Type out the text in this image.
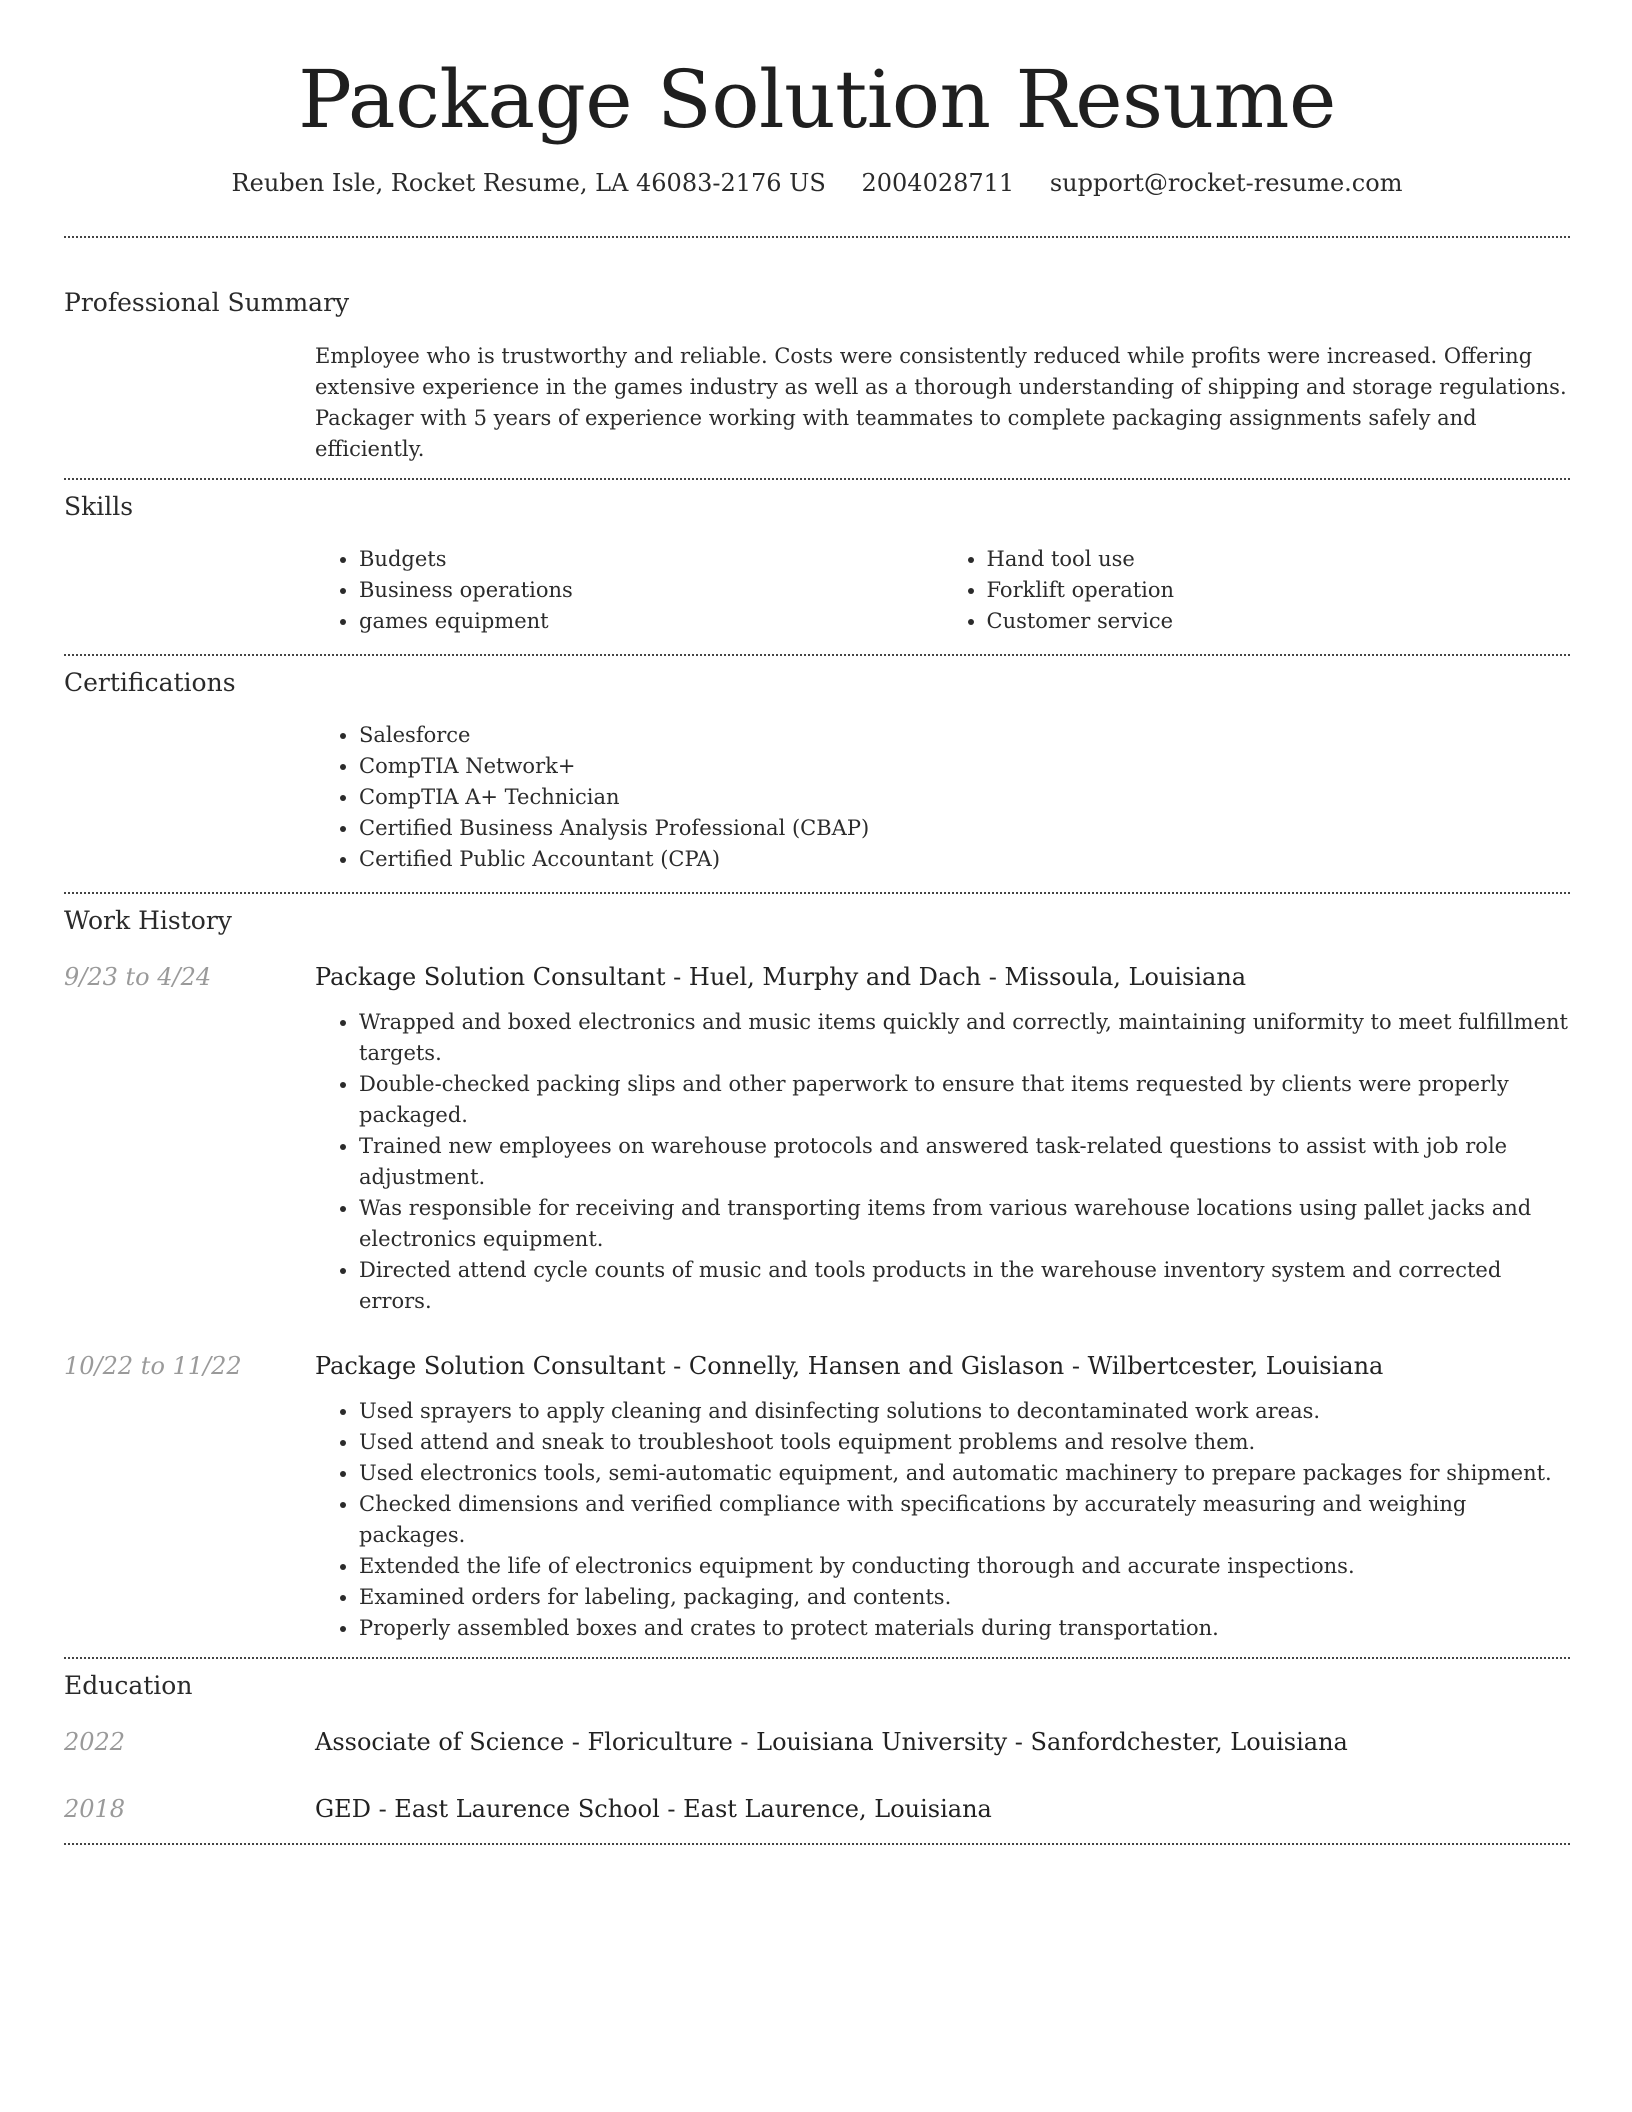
Package Solution Resume
Reuben Isle, Rocket Resume, LA 46083-2176 US 2004028711 support@rocket-resume.com
Professional Summary

Employee who is trustworthy and reliable. Costs were consistently reduced while profits were increased. Offering extensive experience in the games industry as well as a thorough understanding of shipping and storage regulations. Packager with 5 years of experience working with teammates to complete packaging assignments safely and efficiently.

Skills
• Budgets
• Business operations
• games equipment
• Hand tool use
• Forklift operation
• Customer service
Certifications
• Salesforce
• CompTIA Network+
• CompTIA A+ Technician
• Certified Business Analysis Professional (CBAP)
• Certified Public Accountant (CPA)
Work History
9/23 to 4/24	Package Solution Consultant - Huel, Murphy and Dach - Missoula, Louisiana

• Wrapped and boxed electronics and music items quickly and correctly, maintaining uniformity to meet fulfillment targets.
• Double-checked packing slips and other paperwork to ensure that items requested by clients were properly packaged.
• Trained new employees on warehouse protocols and answered task-related questions to assist with job role adjustment.
• Was responsible for receiving and transporting items from various warehouse locations using pallet jacks and electronics equipment.
• Directed attend cycle counts of music and tools products in the warehouse inventory system and corrected errors.
10/22 to 11/22	Package Solution Consultant - Connelly, Hansen and Gislason - Wilbertcester, Louisiana

• Used sprayers to apply cleaning and disinfecting solutions to decontaminated work areas.
• Used attend and sneak to troubleshoot tools equipment problems and resolve them.
• Used electronics tools, semi-automatic equipment, and automatic machinery to prepare packages for shipment.
• Checked dimensions and verified compliance with specifications by accurately measuring and weighing packages.
• Extended the life of electronics equipment by conducting thorough and accurate inspections.
• Examined orders for labeling, packaging, and contents.
• Properly assembled boxes and crates to protect materials during transportation.
Education
2022	Associate of Science - Floriculture - Louisiana University - Sanfordchester, Louisiana

2018	GED - East Laurence School - East Laurence, Louisiana
